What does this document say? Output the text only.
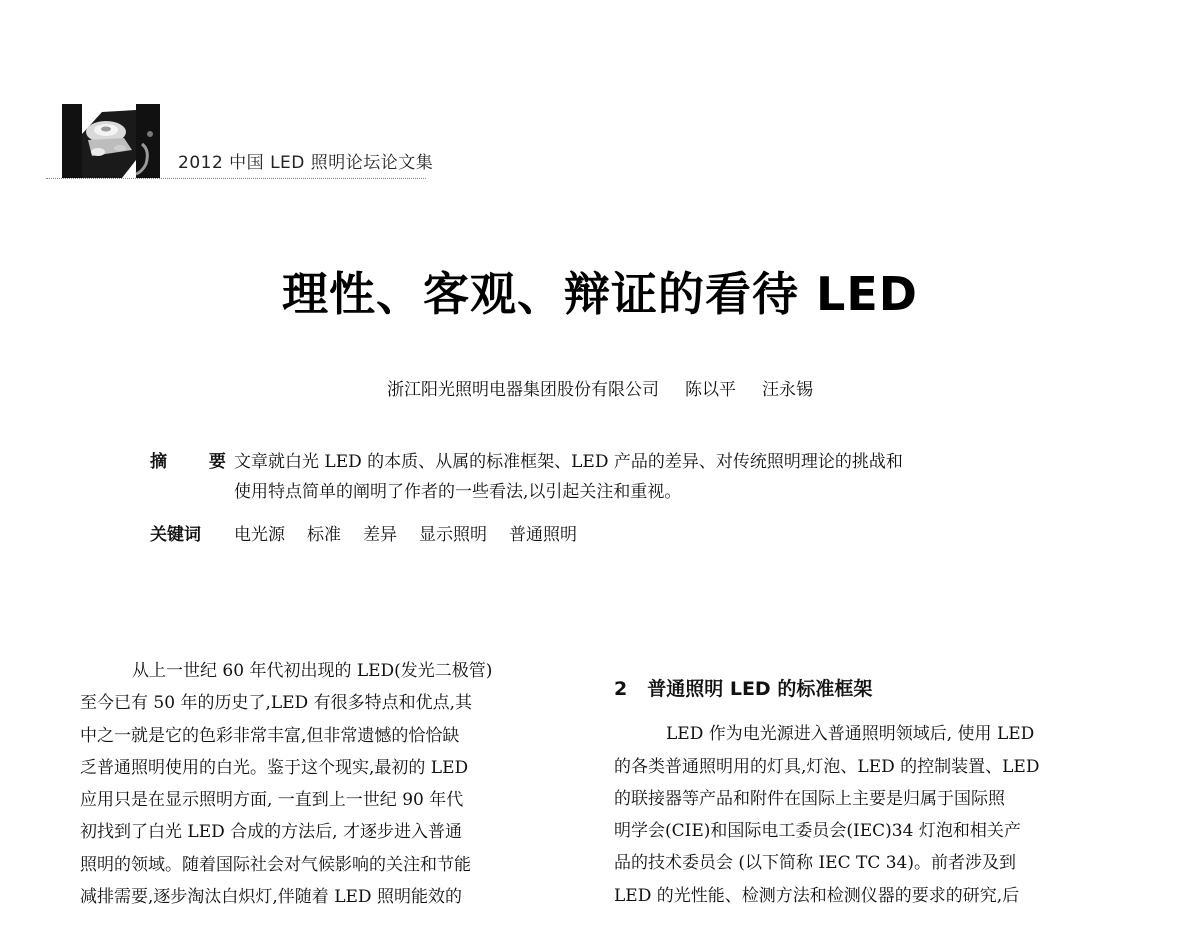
2012 中国 LED 照明论坛论文集
理性、客观、辩证的看待 LED
浙江阳光照明电器集团股份有限公司 陈以平 汪永锡
摘 要
文章就白光 LED 的本质、从属的标准框架、LED 产品的差异、对传统照明理论的挑战和
使用特点简单的阐明了作者的一些看法,以引起关注和重视。
关键词	电光源 标准 差异 显示照明 普通照明
从上一世纪 60 年代初出现的 LED(发光二极管)
至今已有 50 年的历史了,LED 有很多特点和优点,其
中之一就是它的色彩非常丰富,但非常遗憾的恰恰缺
乏普通照明使用的白光。鉴于这个现实,最初的 LED
应用只是在显示照明方面, 一直到上一世纪 90 年代
初找到了白光 LED 合成的方法后, 才逐步进入普通
照明的领域。随着国际社会对气候影响的关注和节能
减排需要,逐步淘汰白炽灯,伴随着 LED 照明能效的
2 普通照明 LED 的标准框架
LED 作为电光源进入普通照明领域后, 使用 LED
的各类普通照明用的灯具,灯泡、LED 的控制装置、LED
的联接器等产品和附件在国际上主要是归属于国际照
明学会(CIE)和国际电工委员会(IEC)34 灯泡和相关产
品的技术委员会 (以下简称 IEC TC 34)。前者涉及到
LED 的光性能、检测方法和检测仪器的要求的研究,后
